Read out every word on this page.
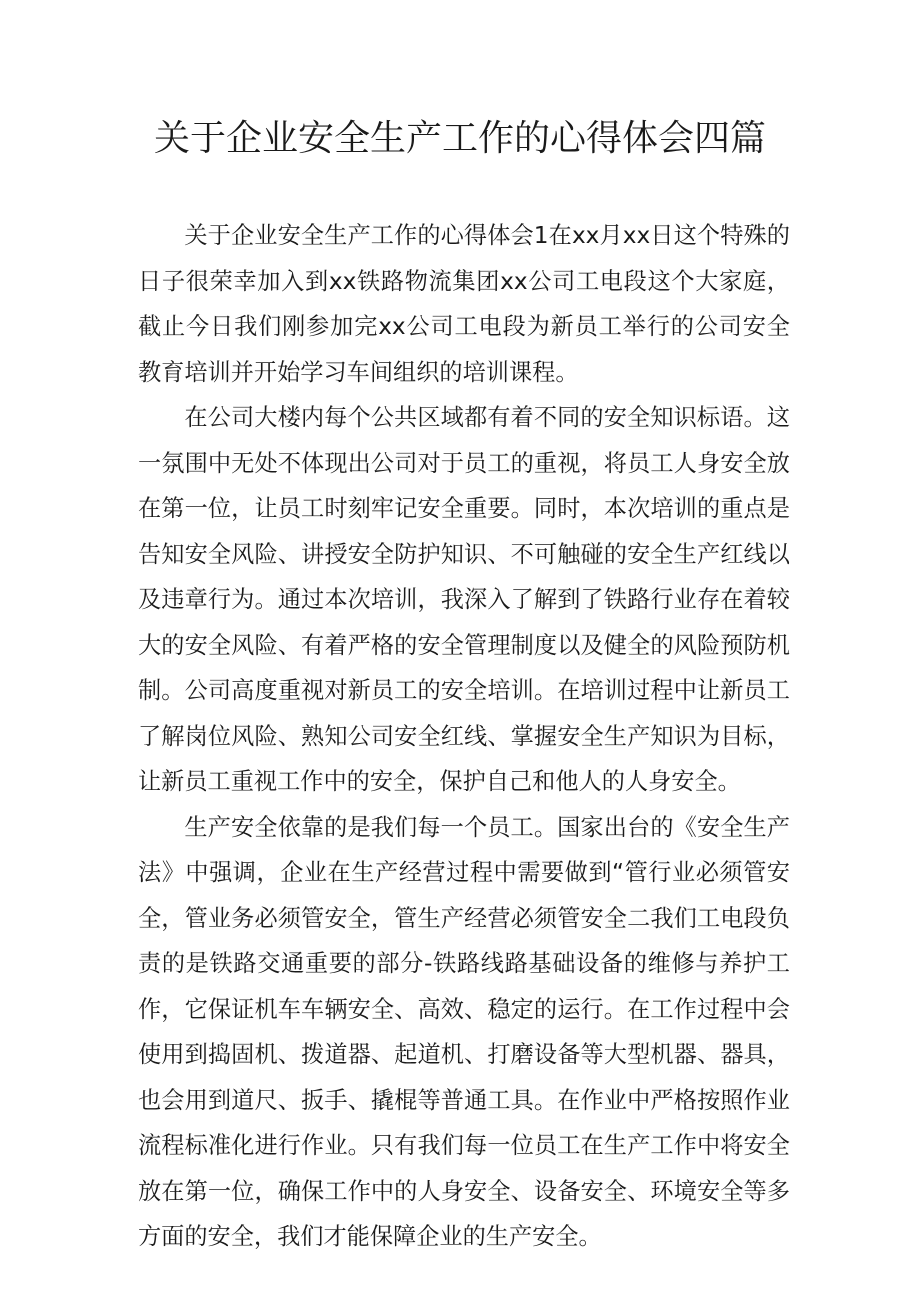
关于企业安全生产工作的心得体会四篇

关于企业安全生产工作的心得体会1在xx月xx日这个特殊的日子很荣幸加入到xx铁路物流集团xx公司工电段这个大家庭，截止今日我们刚参加完xx公司工电段为新员工举行的公司安全教育培训并开始学习车间组织的培训课程。

在公司大楼内每个公共区域都有着不同的安全知识标语。这一氛围中无处不体现出公司对于员工的重视，将员工人身安全放在第一位，让员工时刻牢记安全重要。同时，本次培训的重点是告知安全风险、讲授安全防护知识、不可触碰的安全生产红线以及违章行为。通过本次培训，我深入了解到了铁路行业存在着较大的安全风险、有着严格的安全管理制度以及健全的风险预防机制。公司高度重视对新员工的安全培训。在培训过程中让新员工了解岗位风险、熟知公司安全红线、掌握安全生产知识为目标，让新员工重视工作中的安全，保护自己和他人的人身安全。

生产安全依靠的是我们每一个员工。国家出台的《安全生产法》中强调，企业在生产经营过程中需要做到“管行业必须管安全，管业务必须管安全，管生产经营必须管安全二我们工电段负责的是铁路交通重要的部分-铁路线路基础设备的维修与养护工作，它保证机车车辆安全、高效、稳定的运行。在工作过程中会使用到捣固机、拨道器、起道机、打磨设备等大型机器、器具，也会用到道尺、扳手、撬棍等普通工具。在作业中严格按照作业流程标准化进行作业。只有我们每一位员工在生产工作中将安全放在第一位，确保工作中的人身安全、设备安全、环境安全等多方面的安全，我们才能保障企业的生产安全。
